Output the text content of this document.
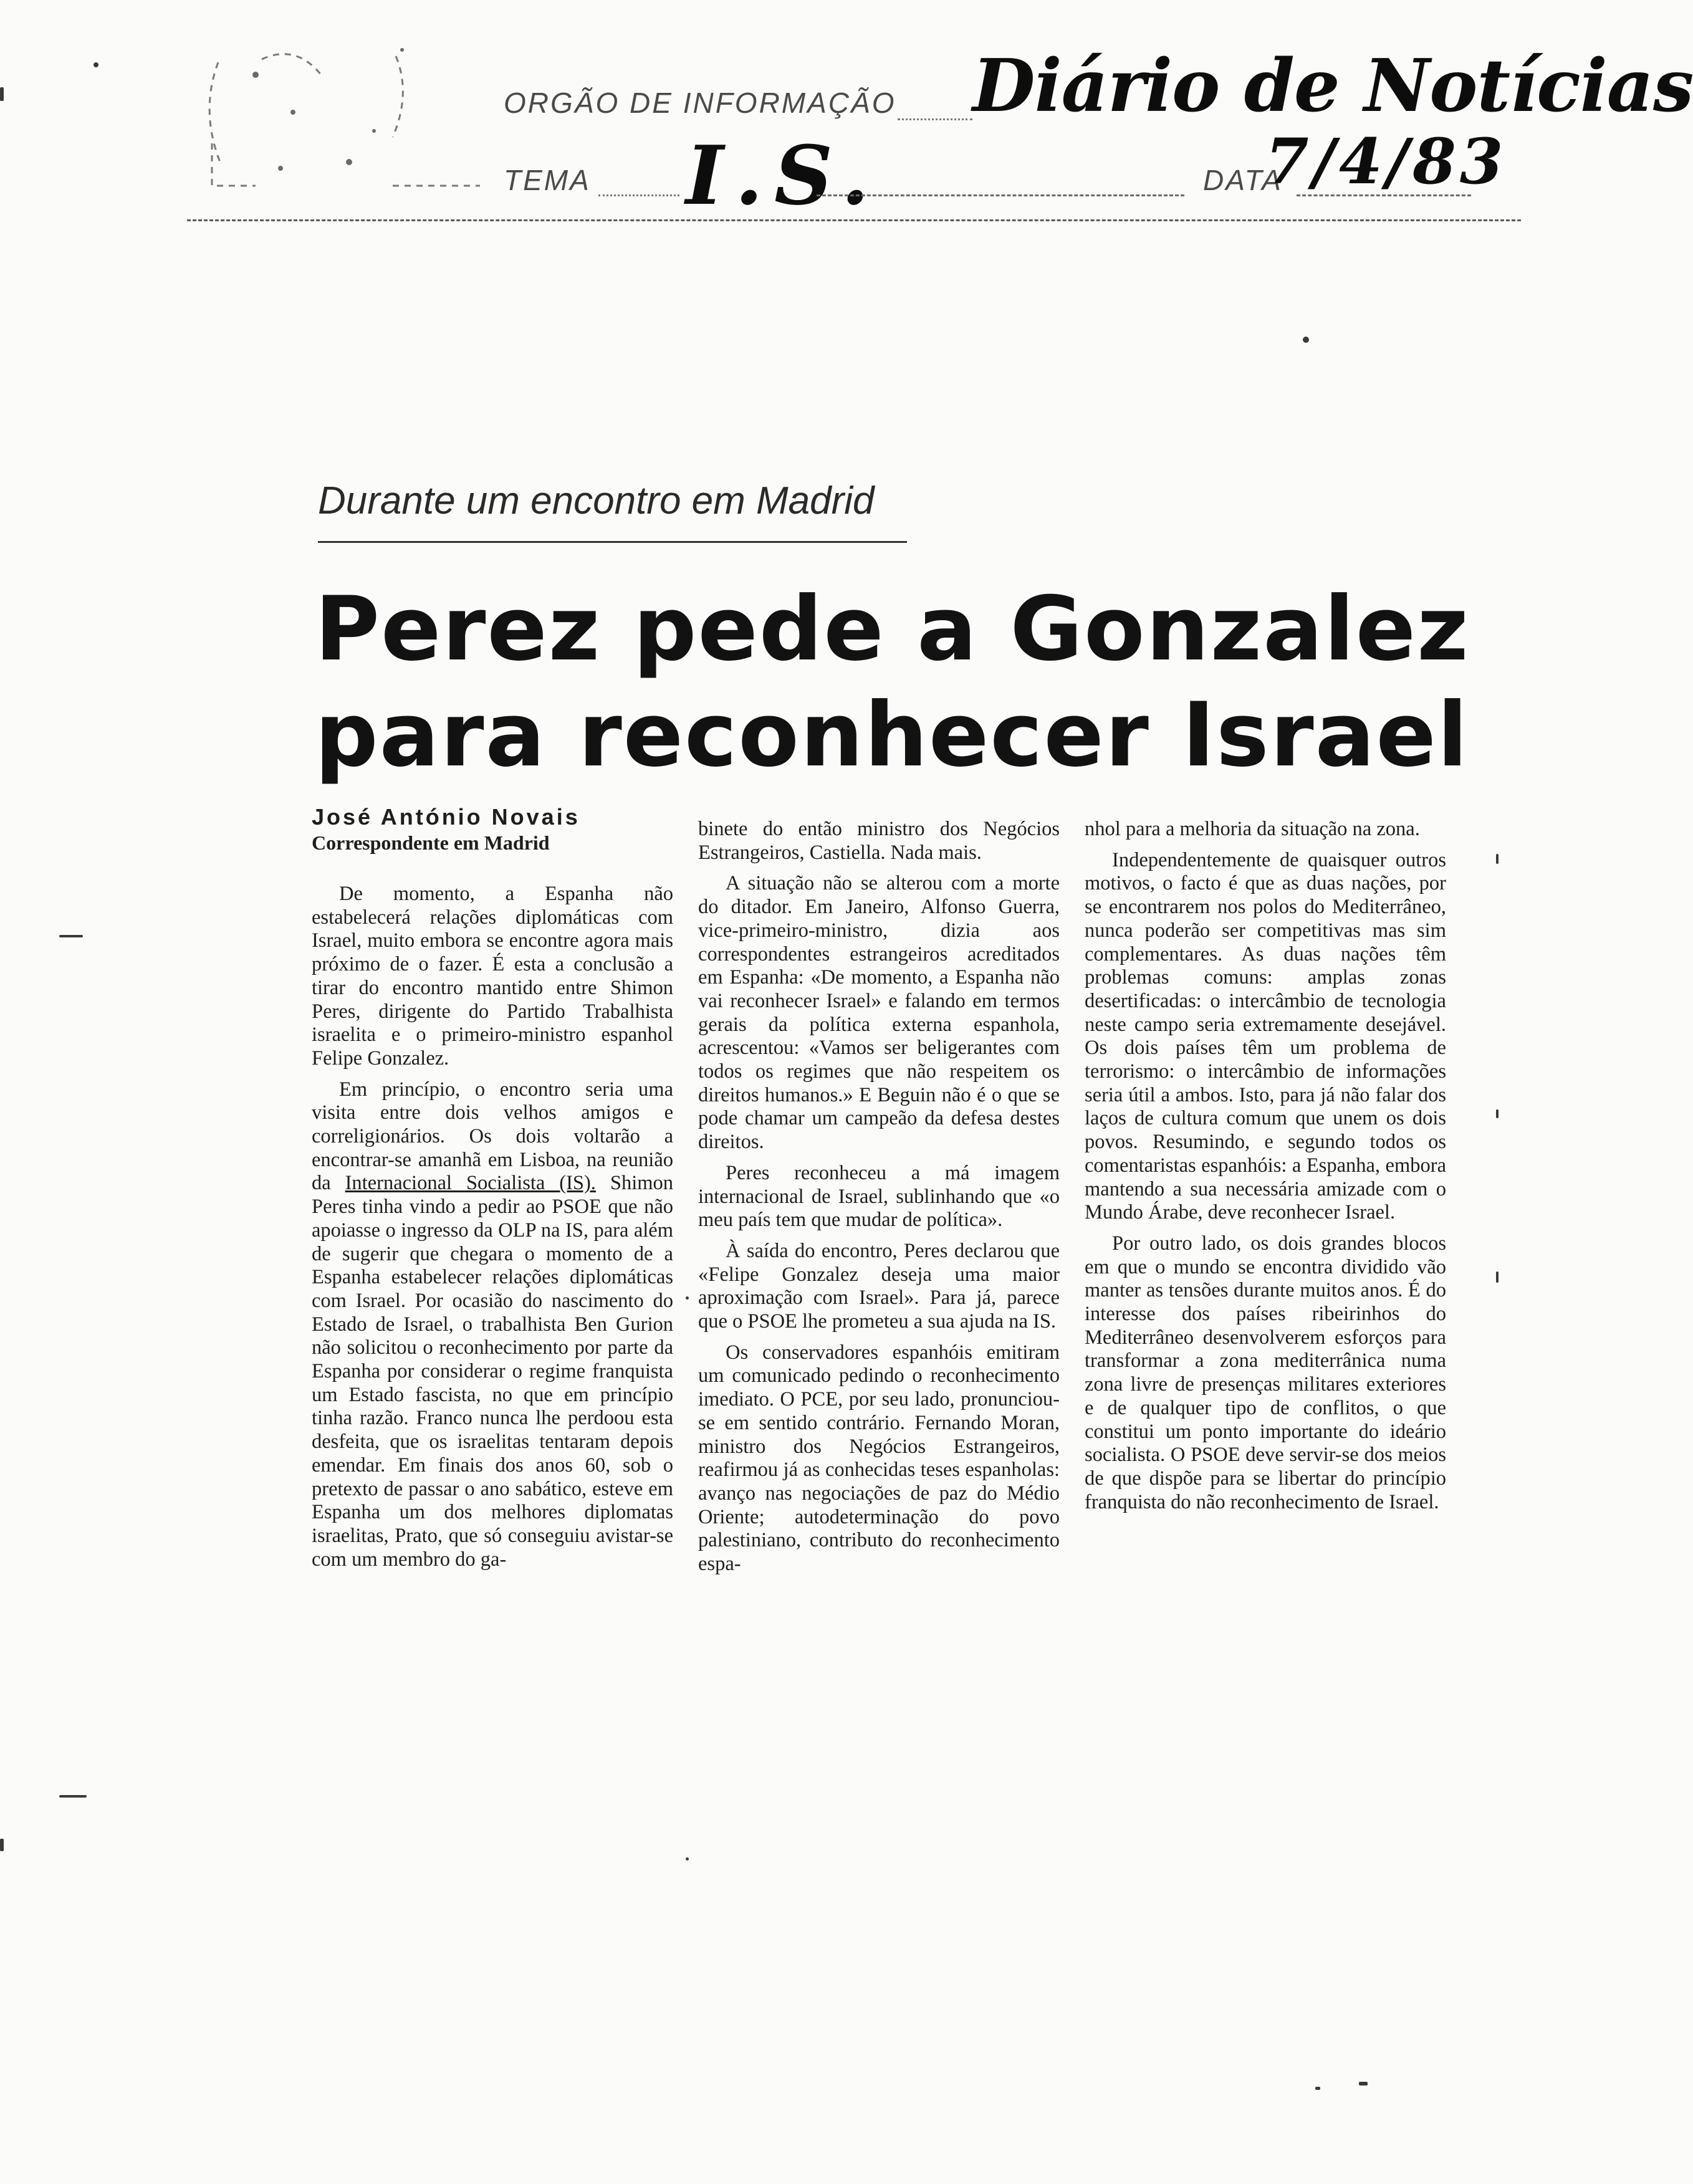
ORGÃO DE INFORMAÇÃO Diário de Notícias
TEMA I.S.	DATA
7/4/83
Durante um encontro em Madrid
Perez pede a Gonzalez
para reconhecer Israel
José António Novais
Correspondente em Madrid

De momento, a Espanha não estabelecerá relações diplomáticas com Israel, muito embora se encontre agora mais próximo de o fazer. É esta a conclusão a tirar do encontro mantido entre Shimon Peres, dirigente do Partido Trabalhista israelita e o primeiro-ministro espanhol Felipe Gonzalez.

Em princípio, o encontro seria uma visita entre dois velhos amigos e correligionários. Os dois voltarão a encontrar-se amanhã em Lisboa, na reunião da Internacional Socialista (IS). Shimon Peres tinha vindo a pedir ao PSOE que não apoiasse o ingresso da OLP na IS, para além de sugerir que chegara o momento de a Espanha estabelecer relações diplomáticas com Israel. Por ocasião do nascimento do Estado de Israel, o trabalhista Ben Gurion não solicitou o reconhecimento por parte da Espanha por considerar o regime franquista um Estado fascista, no que em princípio tinha razão. Franco nunca lhe perdoou esta desfeita, que os israelitas tentaram depois emendar. Em finais dos anos 60, sob o pretexto de passar o ano sabático, esteve em Espanha um dos melhores diplomatas israelitas, Prato, que só conseguiu avistar-se com um membro do ga-

binete do então ministro dos Negócios Estrangeiros, Castiella. Nada mais.

A situação não se alterou com a morte do ditador. Em Janeiro, Alfonso Guerra, vice-primeiro-ministro, dizia aos correspondentes estrangeiros acreditados em Espanha: «De momento, a Espanha não vai reconhecer Israel» e falando em termos gerais da política externa espanhola, acrescentou: «Vamos ser beligerantes com todos os regimes que não respeitem os direitos humanos.» E Beguin não é o que se pode chamar um campeão da defesa destes direitos.

Peres reconheceu a má imagem internacional de Israel, sublinhando que «o meu país tem que mudar de política».

À saída do encontro, Peres declarou que «Felipe Gonzalez deseja uma maior aproximação com Israel». Para já, parece que o PSOE lhe prometeu a sua ajuda na IS.

Os conservadores espanhóis emitiram um comunicado pedindo o reconhecimento imediato. O PCE, por seu lado, pronunciou-se em sentido contrário. Fernando Moran, ministro dos Negócios Estrangeiros, reafirmou já as conhecidas teses espanholas: avanço nas negociações de paz do Médio Oriente; autodeterminação do povo palestiniano, contributo do reconhecimento espa-

nhol para a melhoria da situação na zona.

Independentemente de quaisquer outros motivos, o facto é que as duas nações, por se encontrarem nos polos do Mediterrâneo, nunca poderão ser competitivas mas sim complementares. As duas nações têm problemas comuns: amplas zonas desertificadas: o intercâmbio de tecnologia neste campo seria extremamente desejável. Os dois países têm um problema de terrorismo: o intercâmbio de informações seria útil a ambos. Isto, para já não falar dos laços de cultura comum que unem os dois povos. Resumindo, e segundo todos os comentaristas espanhóis: a Espanha, embora mantendo a sua necessária amizade com o Mundo Árabe, deve reconhecer Israel.

Por outro lado, os dois grandes blocos em que o mundo se encontra dividido vão manter as tensões durante muitos anos. É do interesse dos países ribeirinhos do Mediterrâneo desenvolverem esforços para transformar a zona mediterrânica numa zona livre de presenças militares exteriores e de qualquer tipo de conflitos, o que constitui um ponto importante do ideário socialista. O PSOE deve servir-se dos meios de que dispõe para se libertar do princípio franquista do não reconhecimento de Israel.
